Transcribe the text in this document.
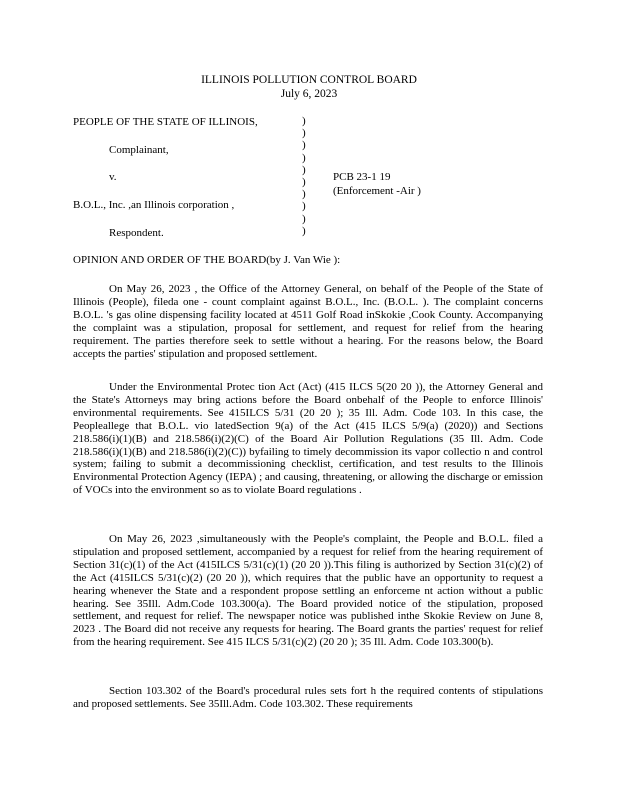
ILLINOIS POLLUTION CONTROL BOARD
July 6, 2023
PEOPLE OF THE STATE OF ILLINOIS,
Complainant,
v.
B.O.L., Inc. ,an Illinois corporation ,
Respondent.
PCB 23-1 19
(Enforcement -Air )
)
)
)
)
)
)
)
)
)
)
OPINION AND ORDER OF THE BOARD(by J. Van Wie ):

On May 26, 2023 , the Office of the Attorney General, on behalf of the People of the State of Illinois (People), fileda one - count complaint against B.O.L., Inc. (B.O.L. ). The complaint concerns B.O.L. 's gas oline dispensing facility located at 4511 Golf Road inSkokie ,Cook County. Accompanying the complaint was a stipulation, proposal for settlement, and request for relief from the hearing requirement. The parties therefore seek to settle without a hearing. For the reasons below, the Board accepts the parties' stipulation and proposed settlement.

Under the Environmental Protec tion Act (Act) (415 ILCS 5(20 20 )), the Attorney General and the State's Attorneys may bring actions before the Board onbehalf of the People to enforce Illinois' environmental requirements. See 415ILCS 5/31 (20 20 ); 35 Ill. Adm. Code 103. In this case, the Peopleallege that B.O.L. vio latedSection 9(a) of the Act (415 ILCS 5/9(a) (2020)) and Sections 218.586(i)(1)(B) and 218.586(i)(2)(C) of the Board Air Pollution Regulations (35 Ill. Adm. Code 218.586(i)(1)(B) and 218.586(i)(2)(C)) byfailing to timely decommission its vapor collectio n and control system; failing to submit a decommissioning checklist, certification, and test results to the Illinois Environmental Protection Agency (IEPA) ; and causing, threatening, or allowing the discharge or emission of VOCs into the environment so as to violate Board regulations .

On May 26, 2023 ,simultaneously with the People's complaint, the People and B.O.L. filed a stipulation and proposed settlement, accompanied by a request for relief from the hearing requirement of Section 31(c)(1) of the Act (415ILCS 5/31(c)(1) (20 20 )).This filing is authorized by Section 31(c)(2) of the Act (415ILCS 5/31(c)(2) (20 20 )), which requires that the public have an opportunity to request a hearing whenever the State and a respondent propose settling an enforceme nt action without a public hearing. See 35Ill. Adm.Code 103.300(a). The Board provided notice of the stipulation, proposed settlement, and request for relief. The newspaper notice was published inthe Skokie Review on June 8, 2023 . The Board did not receive any requests for hearing. The Board grants the parties' request for relief from the hearing requirement. See 415 ILCS 5/31(c)(2) (20 20 ); 35 Ill. Adm. Code 103.300(b).

Section 103.302 of the Board's procedural rules sets fort h the required contents of stipulations and proposed settlements. See 35Ill.Adm. Code 103.302. These requirements
